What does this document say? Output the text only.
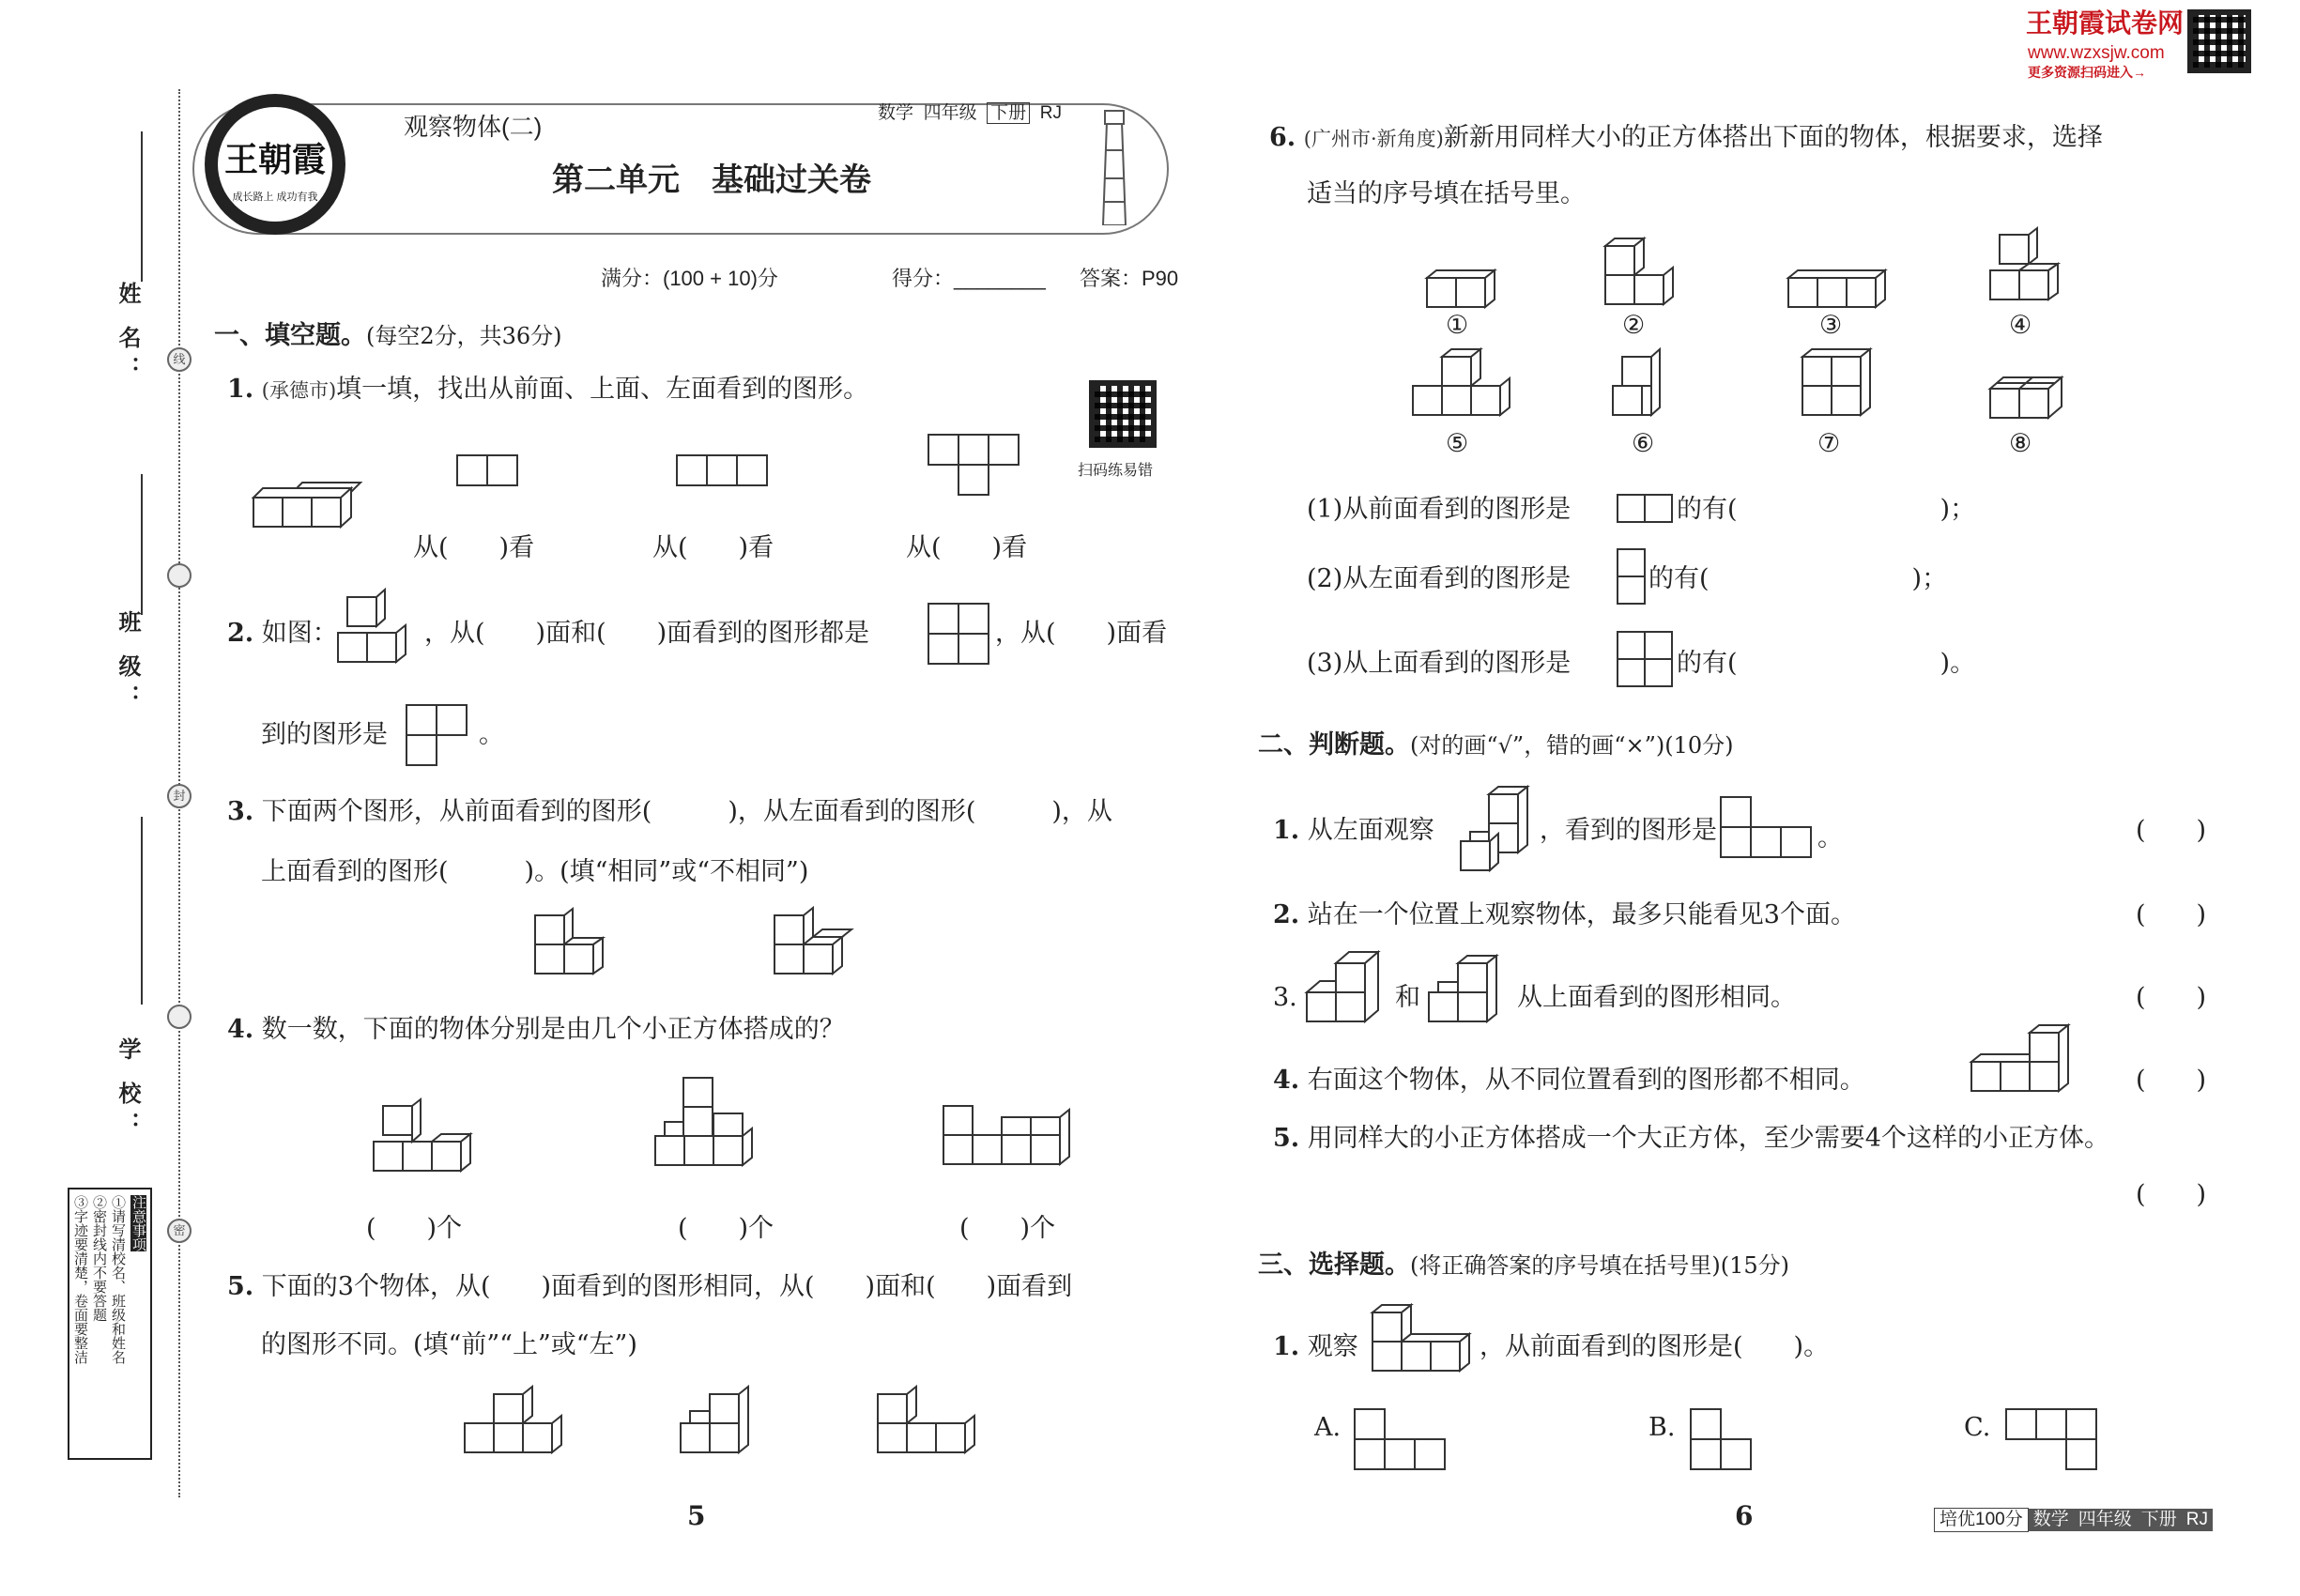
姓 名：
班 级：
学 校：
线
封
密
注意事项
①请写清校名、班级和姓名
②密封线内不要答题
③字迹要清楚，卷面要整洁
王朝霞
成长路上 成功有我
观察物体(二)	数学 四年级 下册 RJ
第二单元　基础过关卷
满分：(100 + 10)分	得分：________ 答案：P90
扫码练易错
王朝霞试卷网
www.wzxsjw.com
更多资源扫码进入→
一、填空题。(每空2分，共36分)
1. (承德市)填一填，找出从前面、上面、左面看到的图形。
从(　　)看	从(　　)看	从(　　)看
2. 如图：	，从(　　)面和(　　)面看到的图形都是	，从(　　)面看
到的图形是	。
3. 下面两个图形，从前面看到的图形(　　　)，从左面看到的图形(　　　)，从
上面看到的图形(　　　)。(填“相同”或“不相同”)
4. 数一数，下面的物体分别是由几个小正方体搭成的？
(　　)个	(　　)个	(　　)个
5. 下面的3个物体，从(　　)面看到的图形相同，从(　　)面和(　　)面看到
的图形不同。(填“前”“上”或“左”)
5
6. (广州市·新角度)新新用同样大小的正方体搭出下面的物体，根据要求，选择
适当的序号填在括号里。
①	②	③	④
⑤	⑥	⑦	⑧
(1)从前面看到的图形是	的有(　　　　　　　　)；
(2)从左面看到的图形是	的有(　　　　　　　　)；
(3)从上面看到的图形是	的有(　　　　　　　　)。
二、判断题。(对的画“√”，错的画“×”)(10分)
1. 从左面观察	，看到的图形是	。	(　　)
2. 站在一个位置上观察物体，最多只能看见3个面。	(　　)
3.	和	从上面看到的图形相同。	(　　)
4. 右面这个物体，从不同位置看到的图形都不相同。	(　　)
5. 用同样大的小正方体搭成一个大正方体，至少需要4个这样的小正方体。
(　　)
三、选择题。(将正确答案的序号填在括号里)(15分)
1. 观察	，从前面看到的图形是(　　)。
A.	B.	C.
6	培优100分 数学 四年级 下册 RJ
